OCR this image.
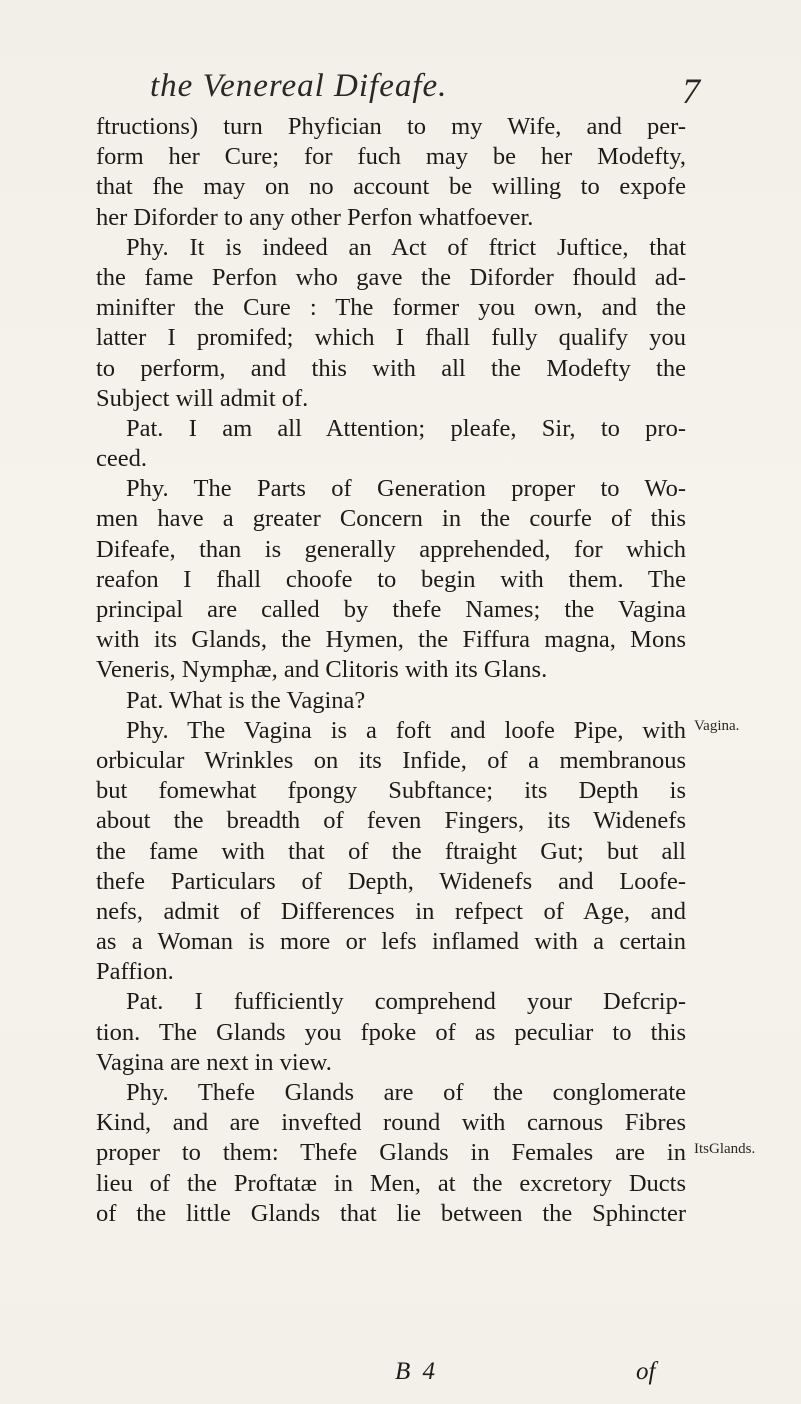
the Venereal Difeafe.	7
ftructions) turn Phyfician to my Wife, and per-
form her Cure; for fuch may be her Modefty,
that fhe may on no account be willing to expofe
her Diforder to any other Perfon whatfoever.
Phy. It is indeed an Act of ftrict Juftice, that
the fame Perfon who gave the Diforder fhould ad-
minifter the Cure : The former you own, and the
latter I promifed; which I fhall fully qualify you
to perform, and this with all the Modefty the
Subject will admit of.
Pat. I am all Attention; pleafe, Sir, to pro-
ceed.
Phy. The Parts of Generation proper to Wo-
men have a greater Concern in the courfe of this
Difeafe, than is generally apprehended, for which
reafon I fhall choofe to begin with them. The
principal are called by thefe Names; the Vagina
with its Glands, the Hymen, the Fiffura magna, Mons
Veneris, Nymphæ, and Clitoris with its Glans.
Pat. What is the Vagina?
Phy. The Vagina is a foft and loofe Pipe, with
orbicular Wrinkles on its Infide, of a membranous
but fomewhat fpongy Subftance; its Depth is
about the breadth of feven Fingers, its Widenefs
the fame with that of the ftraight Gut; but all
thefe Particulars of Depth, Widenefs and Loofe-
nefs, admit of Differences in refpect of Age, and
as a Woman is more or lefs inflamed with a certain
Paffion.
Pat. I fufficiently comprehend your Defcrip-
tion. The Glands you fpoke of as peculiar to this
Vagina are next in view.
Phy. Thefe Glands are of the conglomerate
Kind, and are invefted round with carnous Fibres
proper to them: Thefe Glands in Females are in
lieu of the Proftatæ in Men, at the excretory Ducts
of the little Glands that lie between the Sphincter
Vagina.
ItsGlands.
B 4	of
